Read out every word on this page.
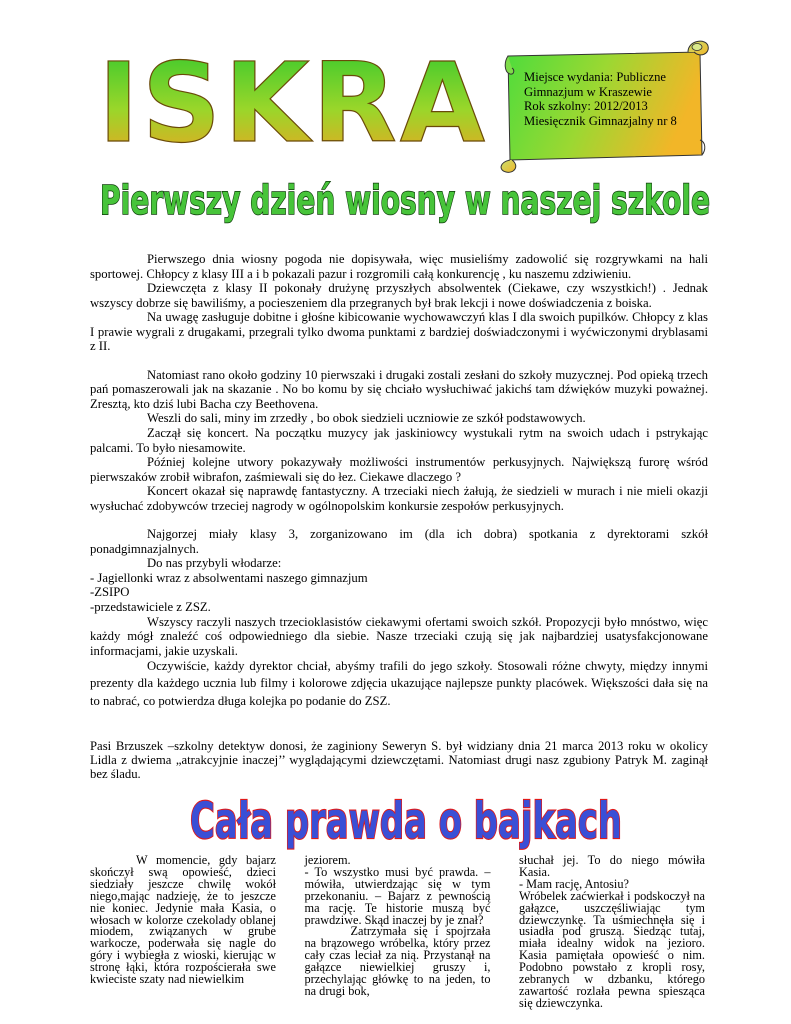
ISKRA	Miejsce wydania: Publiczne
Gimnazjum w Kraszewie
Rok szkolny: 2012/2013
Miesięcznik Gimnazjalny nr 8
Pierwszy dzień wiosny w naszej szkole

Pierwszego dnia wiosny pogoda nie dopisywała, więc musieliśmy zadowolić się rozgrywkami na hali sportowej. Chłopcy z klasy III a i b pokazali pazur i rozgromili całą konkurencję , ku naszemu zdziwieniu.

Dziewczęta z klasy II pokonały drużynę przyszłych absolwentek (Ciekawe, czy wszystkich!) . Jednak wszyscy dobrze się bawiliśmy, a pocieszeniem dla przegranych był brak lekcji i nowe doświadczenia z boiska.

Na uwagę zasługuje dobitne i głośne kibicowanie wychowawczyń klas I dla swoich pupilków. Chłopcy z klas I prawie wygrali z drugakami, przegrali tylko dwoma punktami z bardziej doświadczonymi i wyćwiczonymi dryblasami z II.

Natomiast rano około godziny 10 pierwszaki i drugaki zostali zesłani do szkoły muzycznej. Pod opieką trzech pań pomaszerowali jak na skazanie . No bo komu by się chciało wysłuchiwać jakichś tam dźwięków muzyki poważnej. Zresztą, kto dziś lubi Bacha czy Beethovena.

Weszli do sali, miny im zrzedły , bo obok siedzieli uczniowie ze szkół podstawowych.

Zaczął się koncert. Na początku muzycy jak jaskiniowcy wystukali rytm na swoich udach i pstrykając palcami. To było niesamowite.

Później kolejne utwory pokazywały możliwości instrumentów perkusyjnych. Największą furorę wśród pierwszaków zrobił wibrafon, zaśmiewali się do łez. Ciekawe dlaczego ?

Koncert okazał się naprawdę fantastyczny. A trzeciaki niech żałują, że siedzieli w murach i nie mieli okazji wysłuchać zdobywców trzeciej nagrody w ogólnopolskim konkursie zespołów perkusyjnych.

Najgorzej miały klasy 3, zorganizowano im (dla ich dobra) spotkania z dyrektorami szkół ponadgimnazjalnych.

Do nas przybyli włodarze:

- Jagiellonki wraz z absolwentami naszego gimnazjum

-ZSIPO

-przedstawiciele z ZSZ.

Wszyscy raczyli naszych trzecioklasistów ciekawymi ofertami swoich szkół. Propozycji było mnóstwo, więc każdy mógł znaleźć coś odpowiedniego dla siebie. Nasze trzeciaki czują się jak najbardziej usatysfakcjonowane informacjami, jakie uzyskali.

Oczywiście, każdy dyrektor chciał, abyśmy trafili do jego szkoły. Stosowali różne chwyty, między innymi prezenty dla każdego ucznia lub filmy i kolorowe zdjęcia ukazujące najlepsze punkty placówek. Większości dała się na to nabrać, co potwierdza długa kolejka po podanie do ZSZ.

Pasi Brzuszek –szkolny detektyw donosi, że zaginiony Seweryn S. był widziany dnia 21 marca 2013 roku w okolicy Lidla z dwiema „atrakcyjnie inaczej’’ wyglądającymi dziewczętami. Natomiast drugi nasz zgubiony Patryk M. zaginął bez śladu.

Cała prawda o bajkach

W momencie, gdy bajarz skończył swą opowieść, dzieci siedziały jeszcze chwilę wokół niego,mając nadzieję, że to jeszcze nie koniec. Jedynie mała Kasia, o włosach w kolorze czekolady oblanej miodem, związanych w grube warkocze, poderwała się nagle do góry i wybiegła z wioski, kierując w stronę łąki, która rozpościerała swe kwieciste szaty nad niewielkim

jeziorem.

- To wszystko musi być prawda. – mówiła, utwierdzając się w tym przekonaniu. – Bajarz z pewnością ma rację. Te historie muszą być prawdziwe. Skąd inaczej by je znał?

Zatrzymała się i spojrzała na brązowego wróbelka, który przez cały czas leciał za nią. Przystanął na gałązce niewielkiej gruszy i, przechylając główkę to na jeden, to na drugi bok,

słuchał jej. To do niego mówiła Kasia.

- Mam rację, Antosiu?

Wróbelek zaćwierkał i podskoczył na gałązce, uszczęśliwiając tym dziewczynkę. Ta uśmiechnęła się i usiadła pod gruszą. Siedząc tutaj, miała idealny widok na jezioro. Kasia pamiętała opowieść o nim. Podobno powstało z kropli rosy, zebranych w dzbanku, którego zawartość rozlała pewna spiesząca się dziewczynka.
